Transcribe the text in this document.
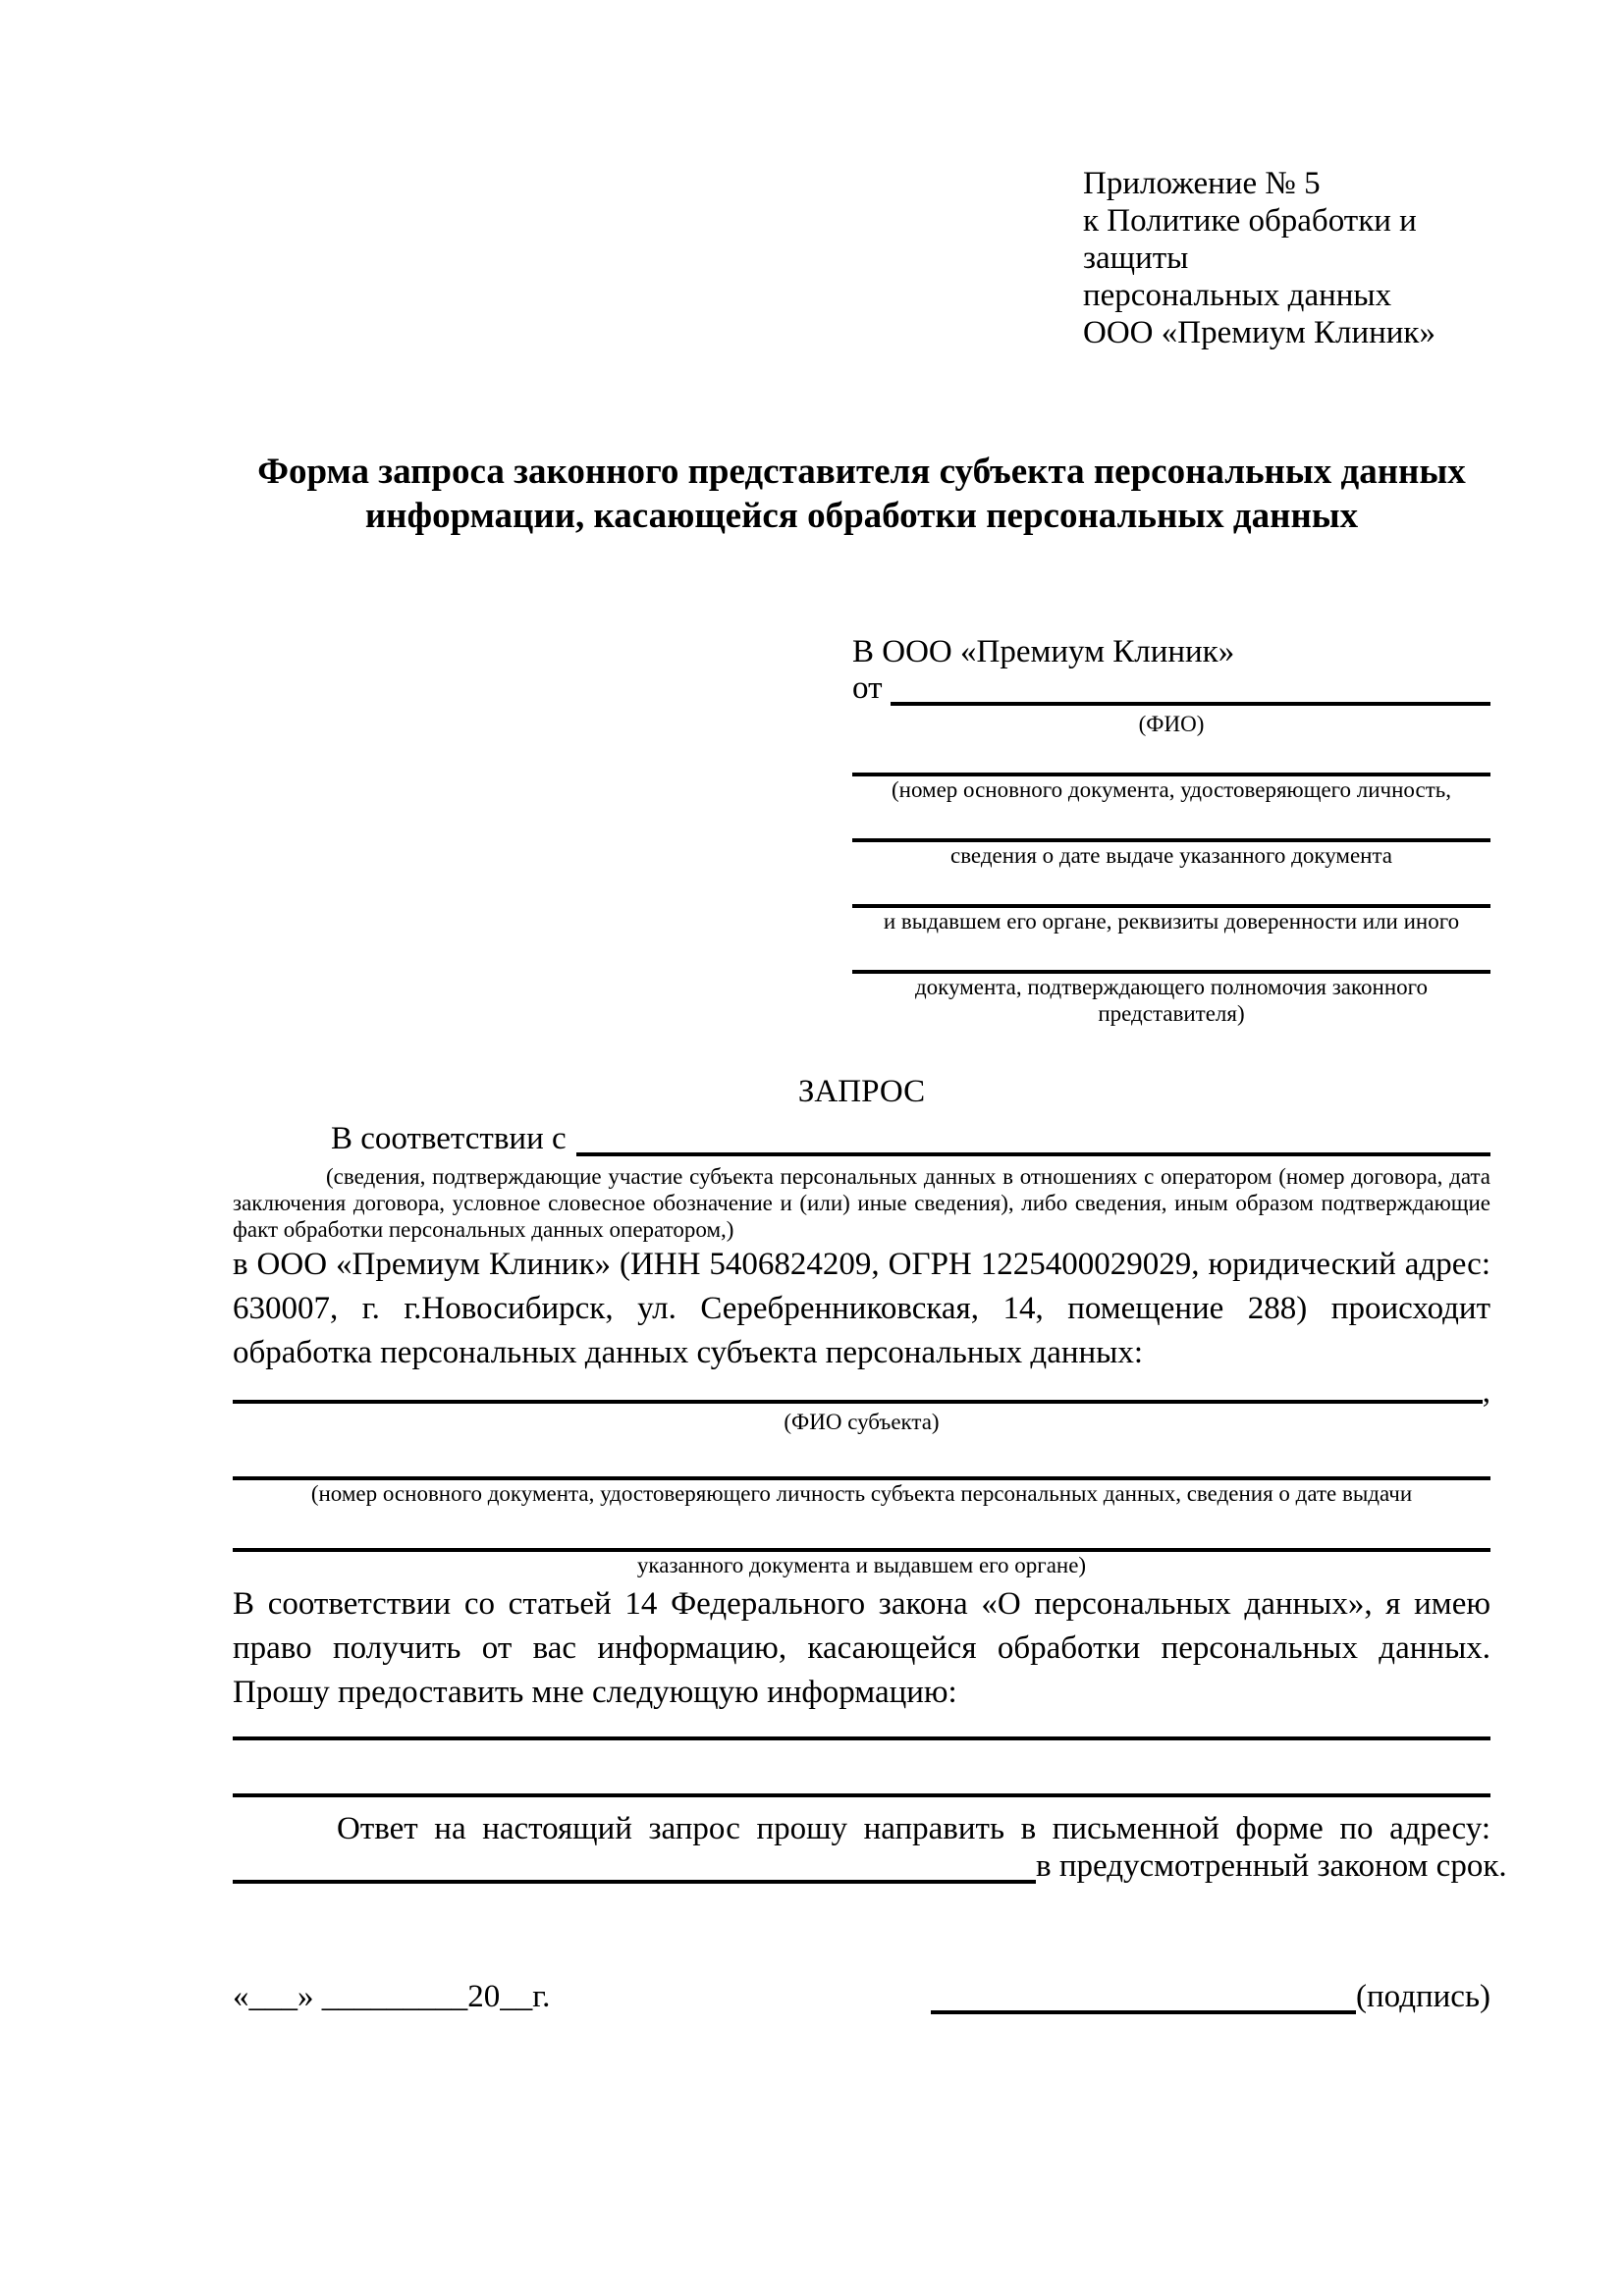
Приложение № 5
к Политике обработки и защиты
персональных данных
ООО «Премиум Клиник»
Форма запроса законного представителя субъекта персональных данных
информации, касающейся обработки персональных данных
В ООО «Премиум Клиник»
от
(ФИО)
(номер основного документа, удостоверяющего личность,
сведения о дате выдаче указанного документа
и выдавшем его органе, реквизиты доверенности или иного
документа, подтверждающего полномочия законного представителя)
ЗАПРОС
В соответствии с

(сведения, подтверждающие участие субъекта персональных данных в отношениях с оператором (номер договора, дата заключения договора, условное словесное обозначение и (или) иные сведения), либо сведения, иным образом подтверждающие факт обработки персональных данных оператором,)

в ООО «Премиум Клиник» (ИНН 5406824209, ОГРН 1225400029029, юридический адрес: 630007, г. г.Новосибирск, ул. Серебренниковская, 14, помещение 288) происходит обработка персональных данных субъекта персональных данных:

,
(ФИО субъекта)
(номер основного документа, удостоверяющего личность субъекта персональных данных, сведения о дате выдачи
указанного документа и выдавшем его органе)

В соответствии со статьей 14 Федерального закона «О персональных данных», я имею право получить от вас информацию, касающейся обработки персональных данных. Прошу предоставить мне следующую информацию:

Ответ на настоящий запрос прошу направить в письменной форме по адресу:

в предусмотренный законом срок.
«___» _________20__г.	(подпись)
